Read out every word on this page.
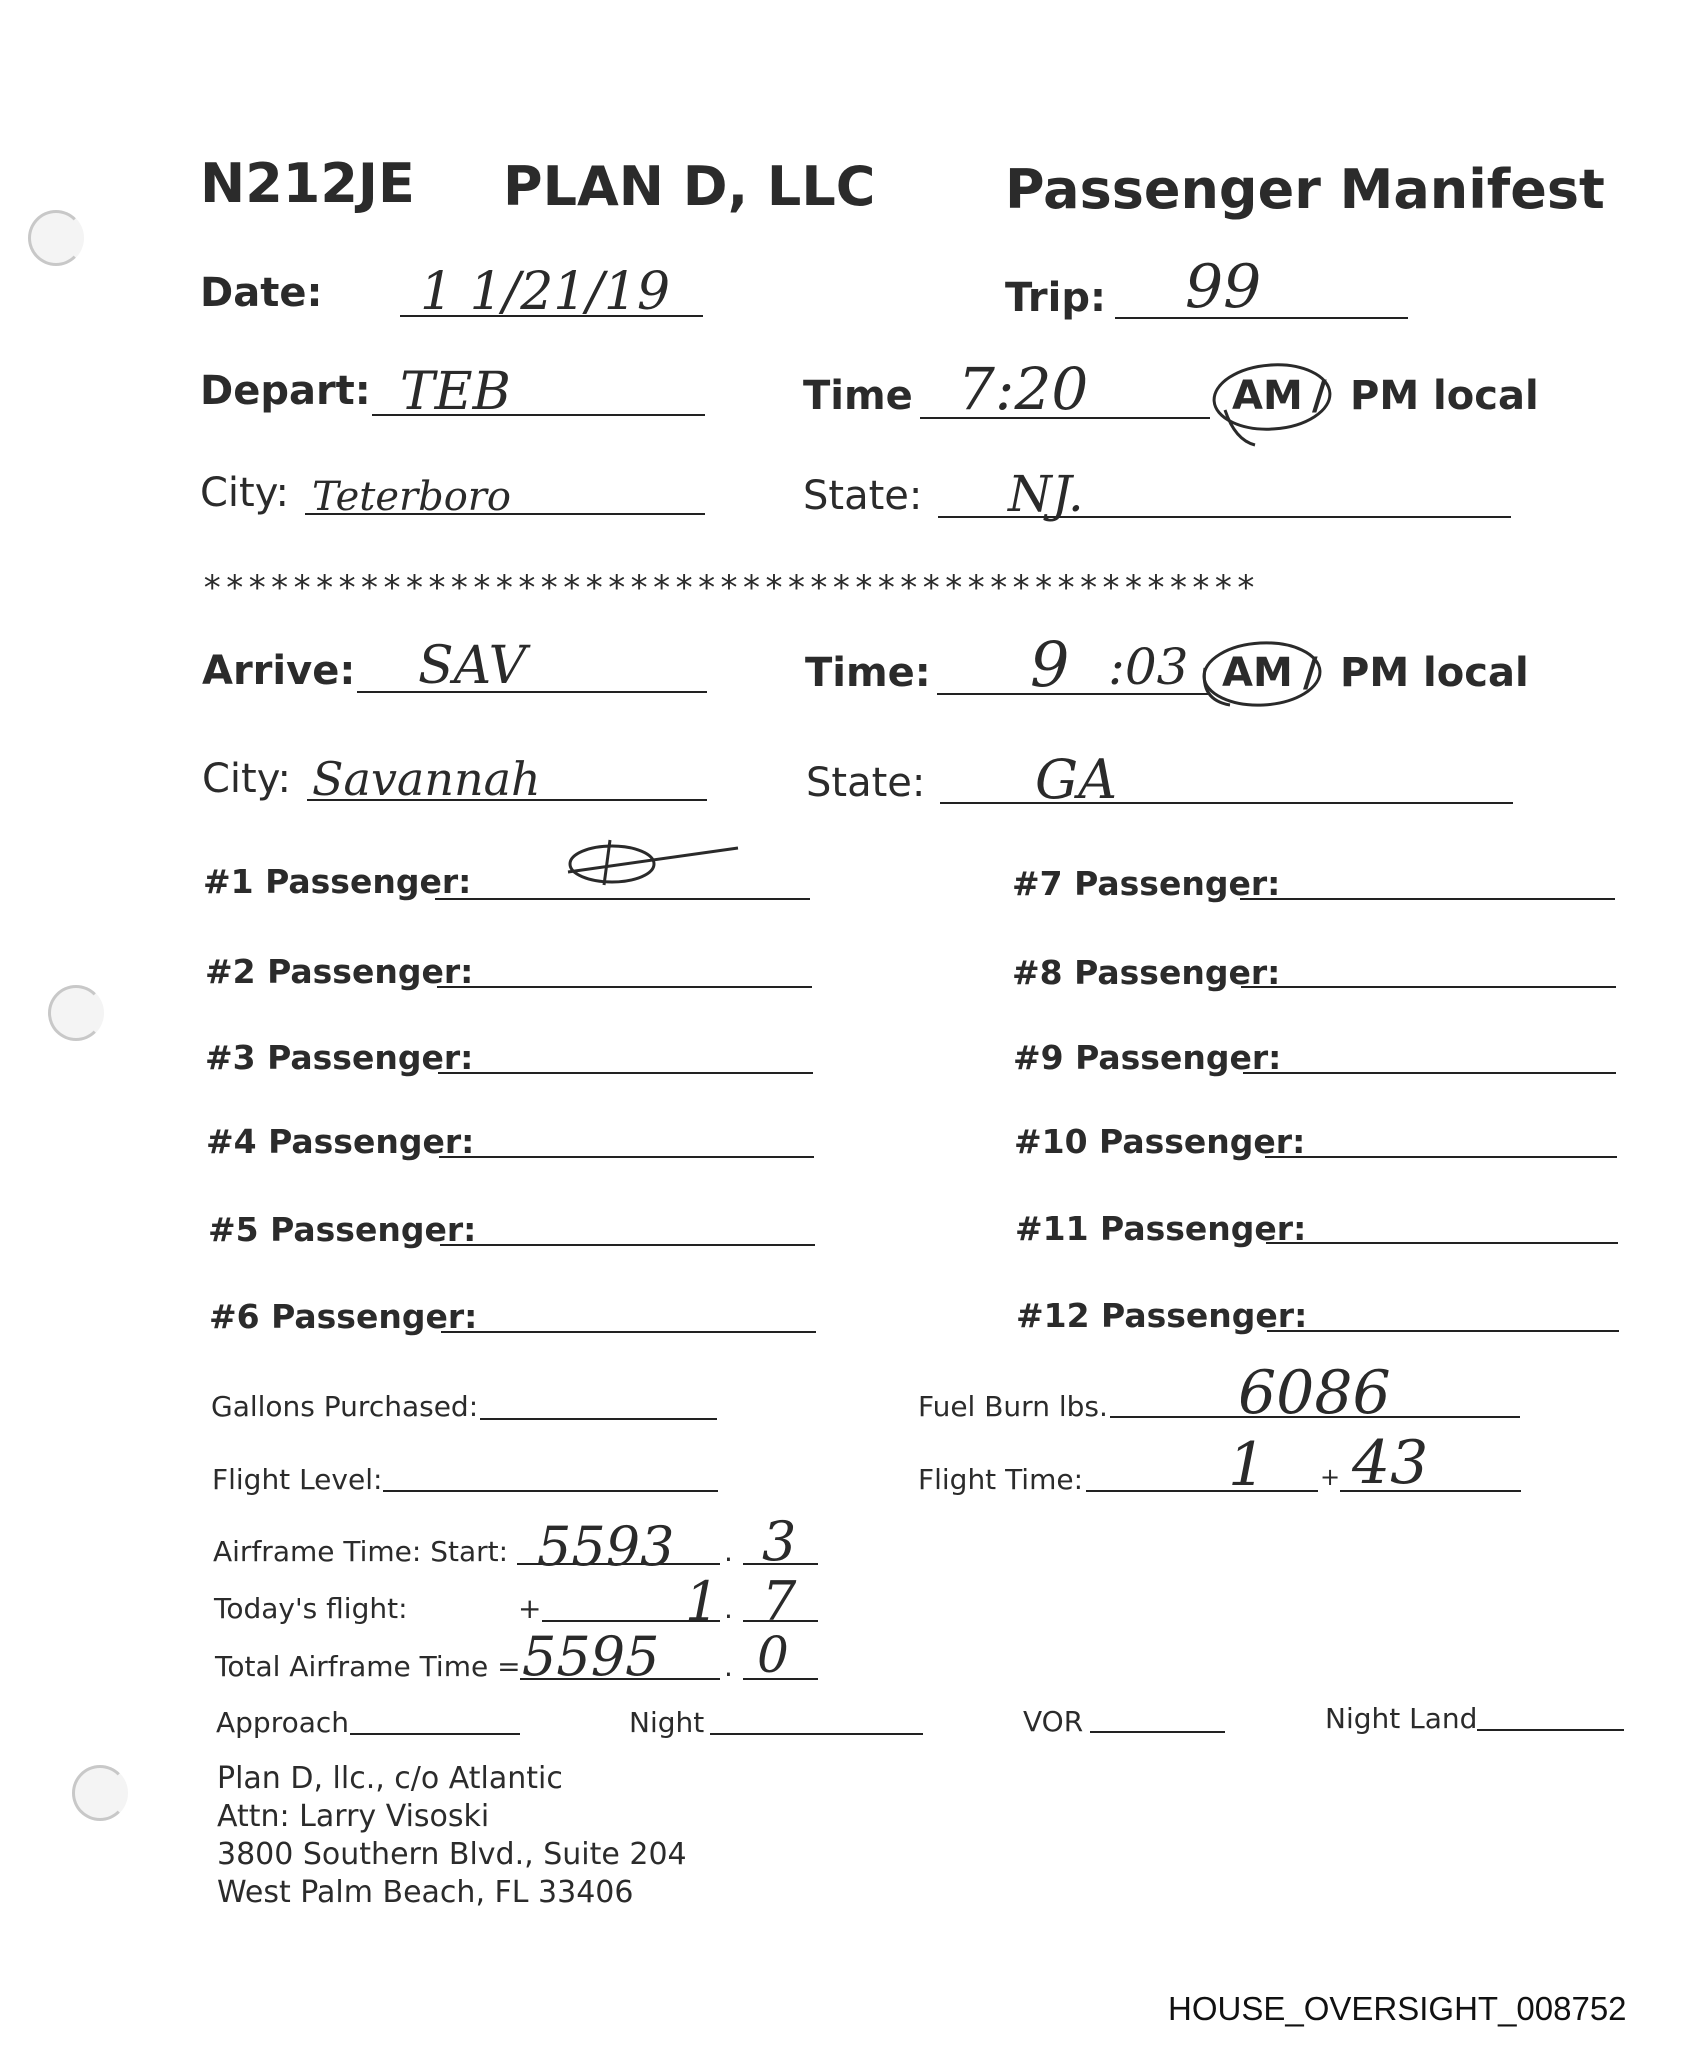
N212JE PLAN D, LLC Passenger Manifest
Date: 1 1/21/19	Trip: 99
Depart: TEB	Time 7:20	AM / PM local
City: Teterboro	State: NJ.
***********************************************
Arrive: SAV	Time: 9 :03 AM / PM local
City: Savannah	State: GA
#1 Passenger:
#2 Passenger:
#3 Passenger:
#4 Passenger:
#5 Passenger:
#6 Passenger:
#7 Passenger:
#8 Passenger:
#9 Passenger:
#10 Passenger:
#11 Passenger:
#12 Passenger:
Gallons Purchased:	Fuel Burn lbs. 6086
Flight Level:	Flight Time: 1 + 43
Airframe Time: Start: 5593 . 3
Today's flight:	+	1 . 7
Total Airframe Time = 5595 . 0
Approach	Night	VOR	Night Land
Plan D, llc., c/o Atlantic
Attn: Larry Visoski
3800 Southern Blvd., Suite 204
West Palm Beach, FL 33406
HOUSE_OVERSIGHT_008752
